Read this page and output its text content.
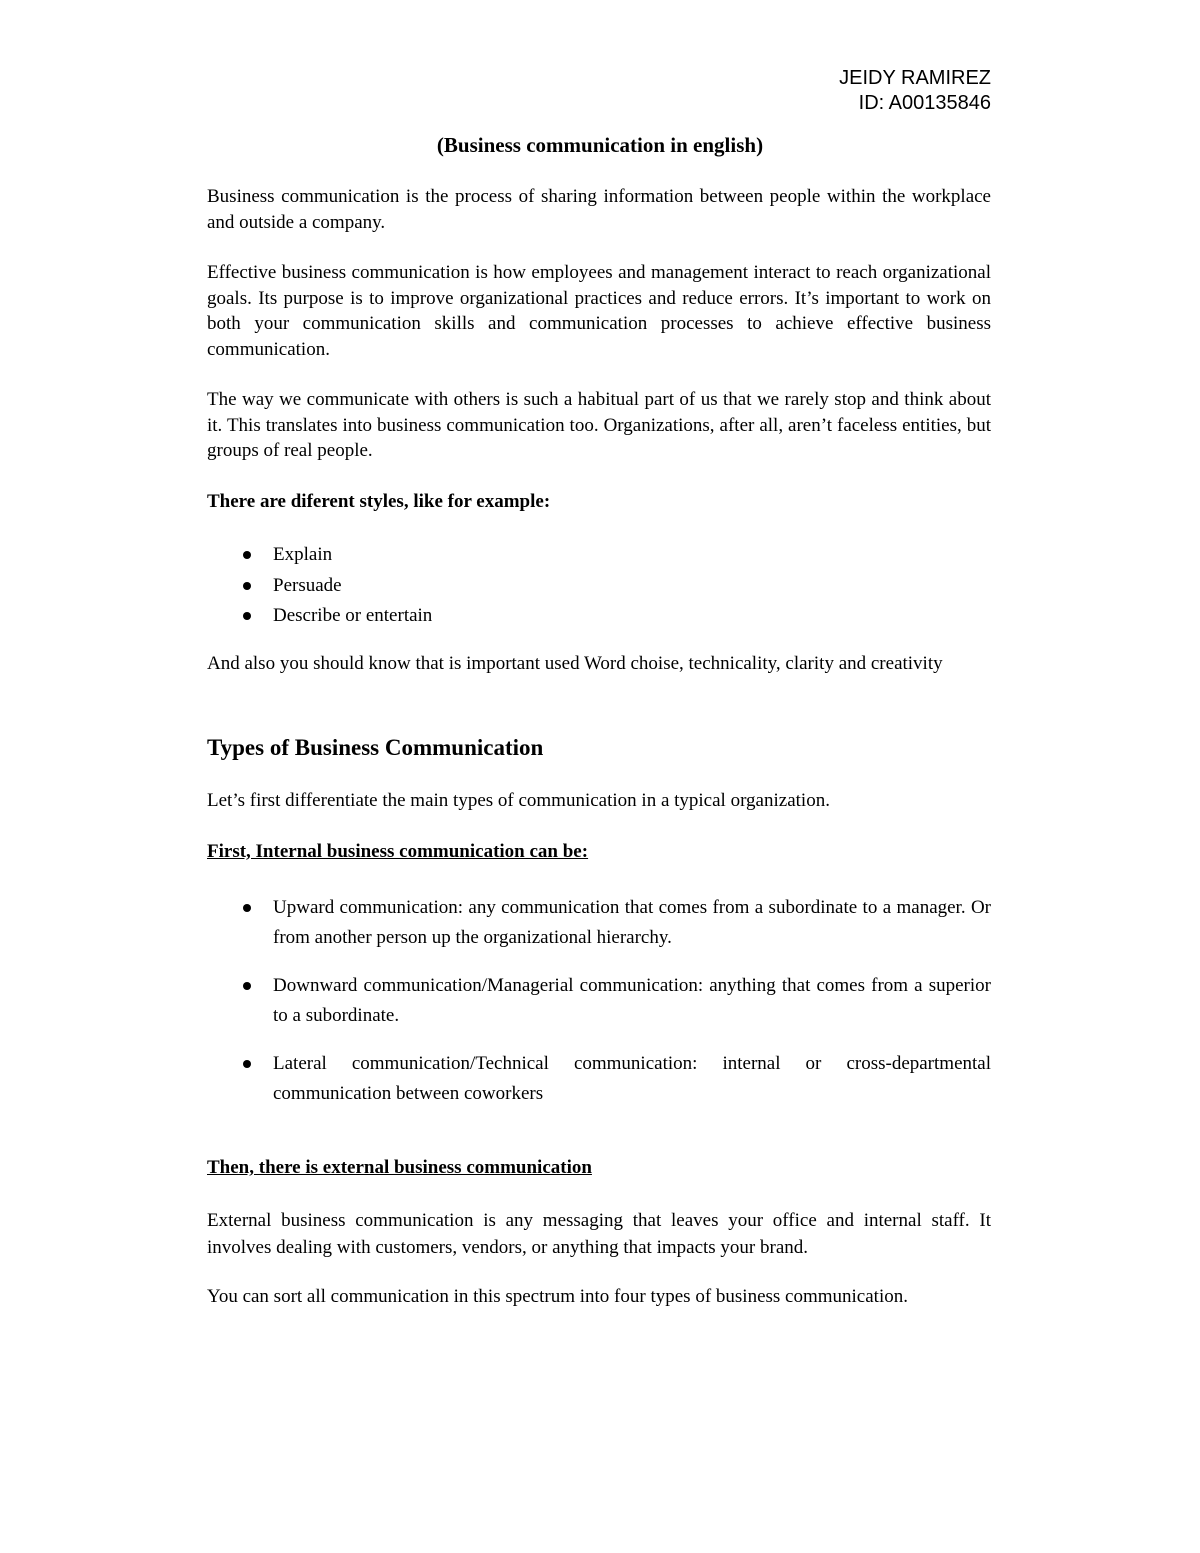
JEIDY RAMIREZ
ID: A00135846
(Business communication in english)

Business communication is the process of sharing information between people within the workplace and outside a company.

Effective business communication is how employees and management interact to reach organizational goals. Its purpose is to improve organizational practices and reduce errors. It’s important to work on both your communication skills and communication processes to achieve effective business communication.

The way we communicate with others is such a habitual part of us that we rarely stop and think about it. This translates into business communication too. Organizations, after all, aren’t faceless entities, but groups of real people.

There are diferent styles, like for example:
Explain
Persuade
Describe or entertain

And also you should know that is important used Word choise, technicality, clarity and creativity

Types of Business Communication

Let’s first differentiate the main types of communication in a typical organization.

First, Internal business communication can be:
Upward communication: any communication that comes from a subordinate to a manager. Or from another person up the organizational hierarchy.
Downward communication/Managerial communication: anything that comes from a superior to a subordinate.
Lateral communication/Technical communication: internal or cross-departmental communication between coworkers
Then, there is external business communication

External business communication is any messaging that leaves your office and internal staff. It involves dealing with customers, vendors, or anything that impacts your brand.

You can sort all communication in this spectrum into four types of business communication.
